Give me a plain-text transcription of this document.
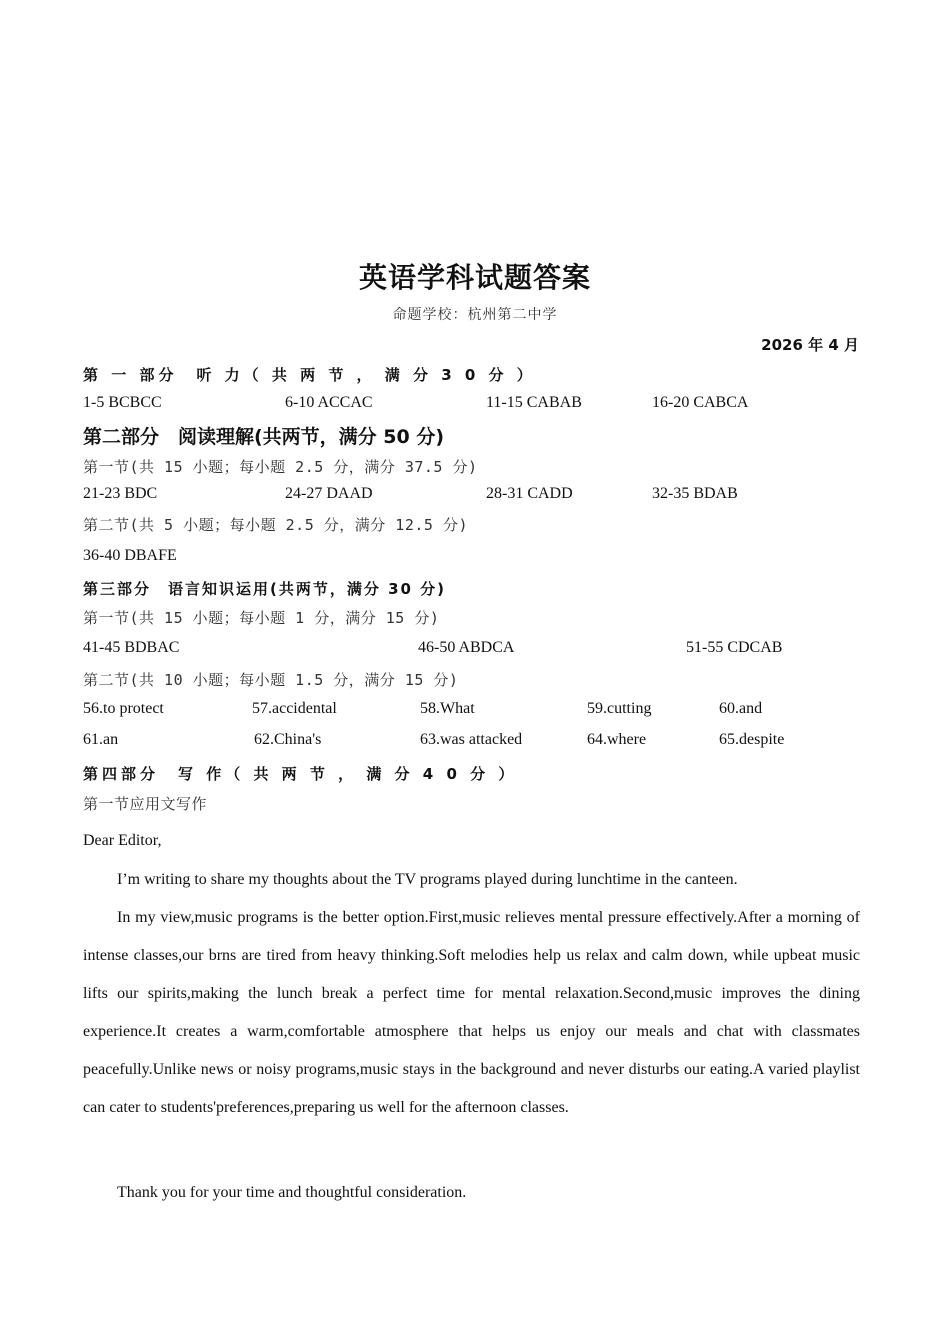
英语学科试题答案
命题学校：杭州第二中学
2026 年 4 月
第 一 部分　听 力（ 共 两 节 ， 满 分 3 0 分 ）
1-5 BCBCC	6-10 ACCAC	11-15 CABAB	16-20 CABCA
第二部分　阅读理解(共两节，满分 50 分)
第一节(共 15 小题；每小题 2.5 分，满分 37.5 分)
21-23 BDC	24-27 DAAD	28-31 CADD	32-35 BDAB
第二节(共 5 小题；每小题 2.5 分，满分 12.5 分)
36-40 DBAFE
第三部分　语言知识运用(共两节，满分 30 分)
第一节(共 15 小题；每小题 1 分，满分 15 分)
41-45 BDBAC	46-50 ABDCA	51-55 CDCAB
第二节(共 10 小题；每小题 1.5 分，满分 15 分)
56.to protect	57.accidental	58.What	59.cutting	60.and
61.an	62.China's	63.was attacked	64.where	65.despite
第四部分　写 作（ 共 两 节 ， 满 分 4 0 分 ）
第一节应用文写作
Dear Editor,
I’m writing to share my thoughts about the TV programs played during lunchtime in the canteen.
In my view,music programs is the better option.First,music relieves mental pressure effectively.After a morning of intense classes,our brns are tired from heavy thinking.Soft melodies help us relax and calm down, while upbeat music lifts our spirits,making the lunch break a perfect time for mental relaxation.Second,music improves the dining experience.It creates a warm,comfortable atmosphere that helps us enjoy our meals and chat with classmates peacefully.Unlike news or noisy programs,music stays in the background and never disturbs our eating.A varied playlist can cater to students'preferences,preparing us well for the afternoon classes.
Thank you for your time and thoughtful consideration.
